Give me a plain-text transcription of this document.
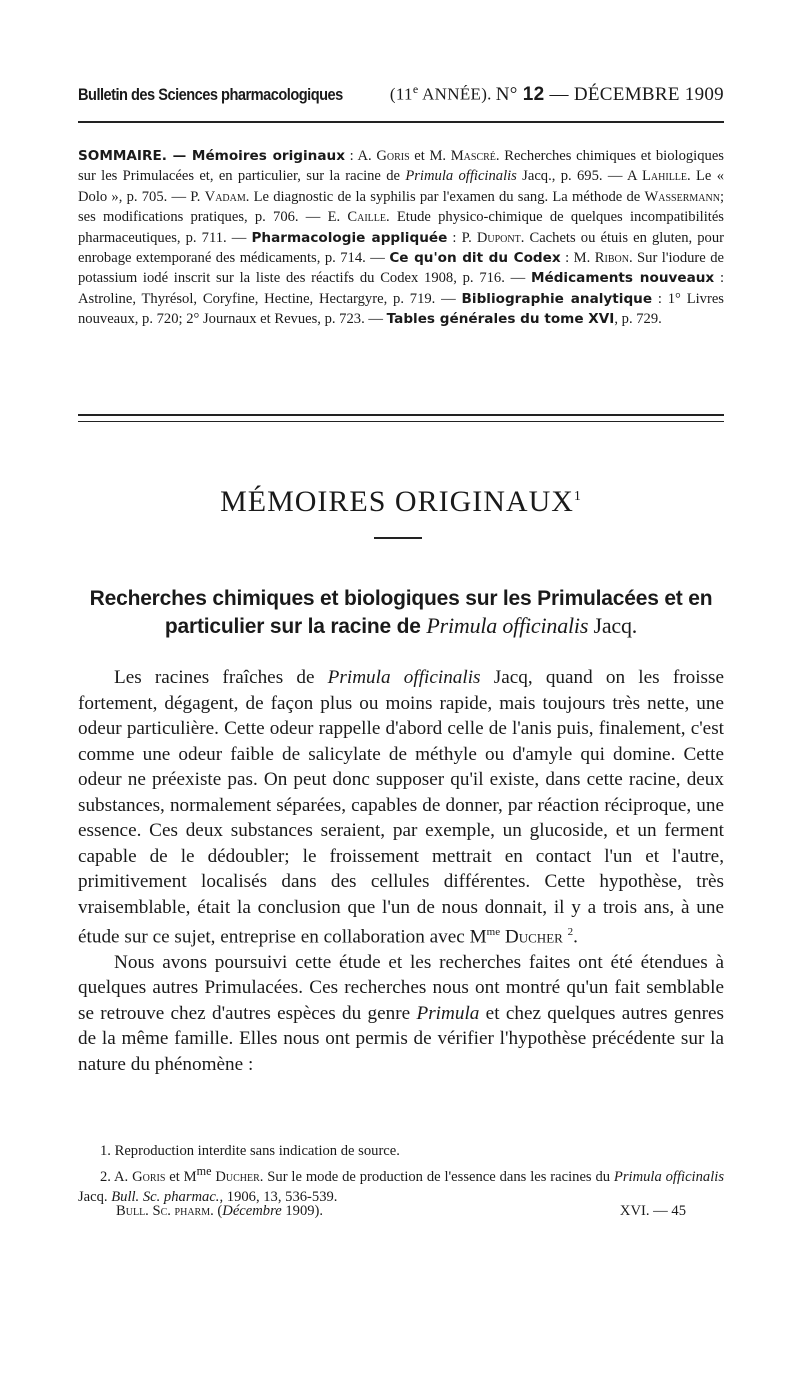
Bulletin des Sciences pharmacologiques	(11e ANNÉE). N° 12 — DÉCEMBRE 1909
SOMMAIRE. — Mémoires originaux : A. Goris et M. Mascré. Recherches chimiques et biologiques sur les Primulacées et, en particulier, sur la racine de Primula officinalis Jacq., p. 695. — A Lahille. Le « Dolo », p. 705. — P. Vadam. Le diagnostic de la syphilis par l'examen du sang. La méthode de Wassermann; ses modifications pratiques, p. 706. — E. Caille. Etude physico-chimique de quelques incompatibilités pharmaceutiques, p. 711. — Pharmacologie appliquée : P. Dupont. Cachets ou étuis en gluten, pour enrobage extemporané des médicaments, p. 714. — Ce qu'on dit du Codex : M. Ribon. Sur l'iodure de potassium iodé inscrit sur la liste des réactifs du Codex 1908, p. 716. — Médicaments nouveaux : Astroline, Thyrésol, Coryfine, Hectine, Hectargyre, p. 719. — Bibliographie analytique : 1° Livres nouveaux, p. 720; 2° Journaux et Revues, p. 723. — Tables générales du tome XVI, p. 729.
MÉMOIRES ORIGINAUX$^1$
Recherches chimiques et biologiques sur les Primulacées et en particulier sur la racine de Primula officinalis Jacq.

Les racines fraîches de Primula officinalis Jacq, quand on les froisse fortement, dégagent, de façon plus ou moins rapide, mais toujours très nette, une odeur particulière. Cette odeur rappelle d'abord celle de l'anis puis, finalement, c'est comme une odeur faible de salicylate de méthyle ou d'amyle qui domine. Cette odeur ne préexiste pas. On peut donc supposer qu'il existe, dans cette racine, deux substances, normalement séparées, capables de donner, par réaction réciproque, une essence. Ces deux substances seraient, par exemple, un glucoside, et un ferment capable de le dédoubler; le froissement mettrait en contact l'un et l'autre, primitivement localisés dans des cellules différentes. Cette hypothèse, très vraisemblable, était la conclusion que l'un de nous donnait, il y a trois ans, à une étude sur ce sujet, entreprise en collaboration avec $M^{me}$ Ducher $^2$.

Nous avons poursuivi cette étude et les recherches faites ont été étendues à quelques autres Primulacées. Ces recherches nous ont montré qu'un fait semblable se retrouve chez d'autres espèces du genre Primula et chez quelques autres genres de la même famille. Elles nous ont permis de vérifier l'hypothèse précédente sur la nature du phénomène :

1. Reproduction interdite sans indication de source.

2. A. Goris et $M^{me}$ Ducher. Sur le mode de production de l'essence dans les racines du Primula officinalis Jacq. Bull. Sc. pharmac., 1906, 13, 536-539.

Bull. Sc. pharm. (Décembre 1909).	XVI. — 45
